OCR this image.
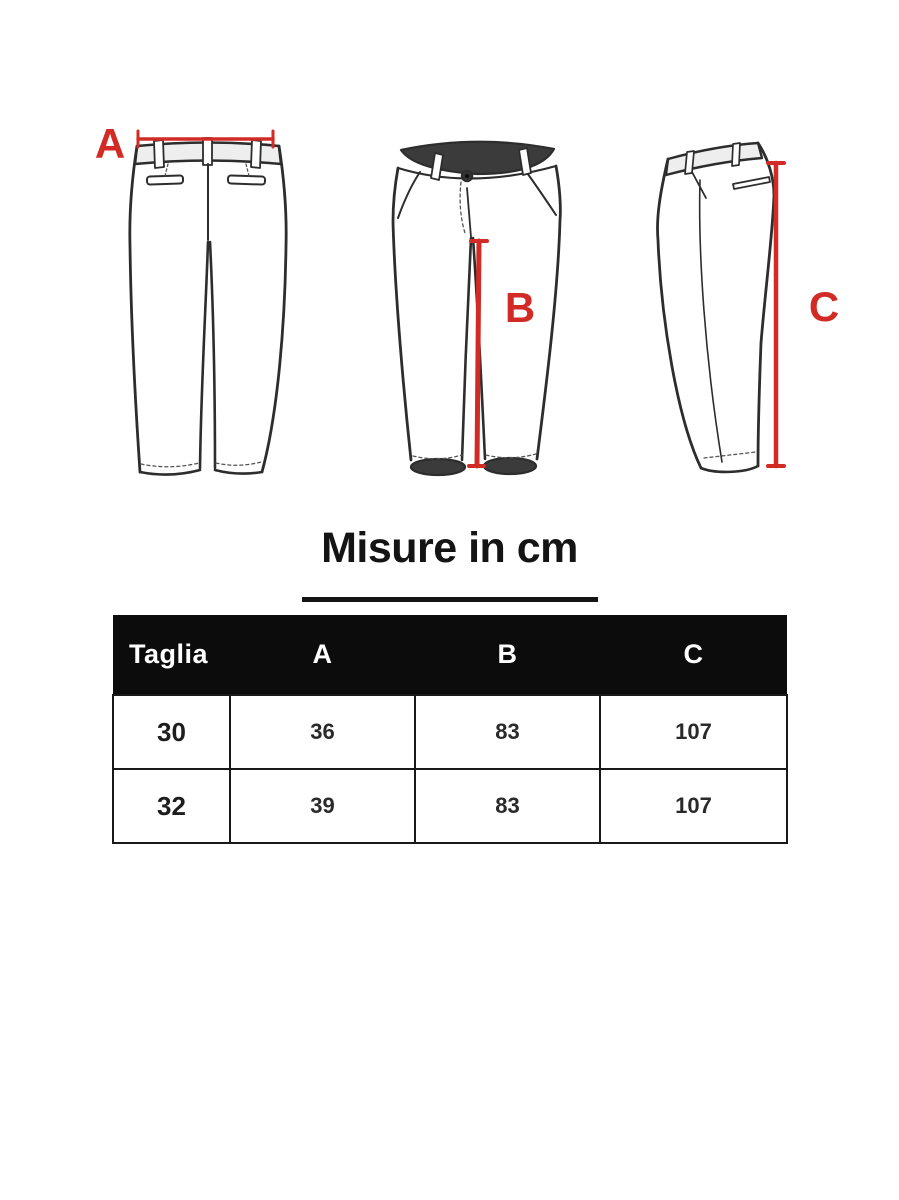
A
B	C
Misure in cm
Taglia	A	B	C
30	36	83	107
32	39	83	107
